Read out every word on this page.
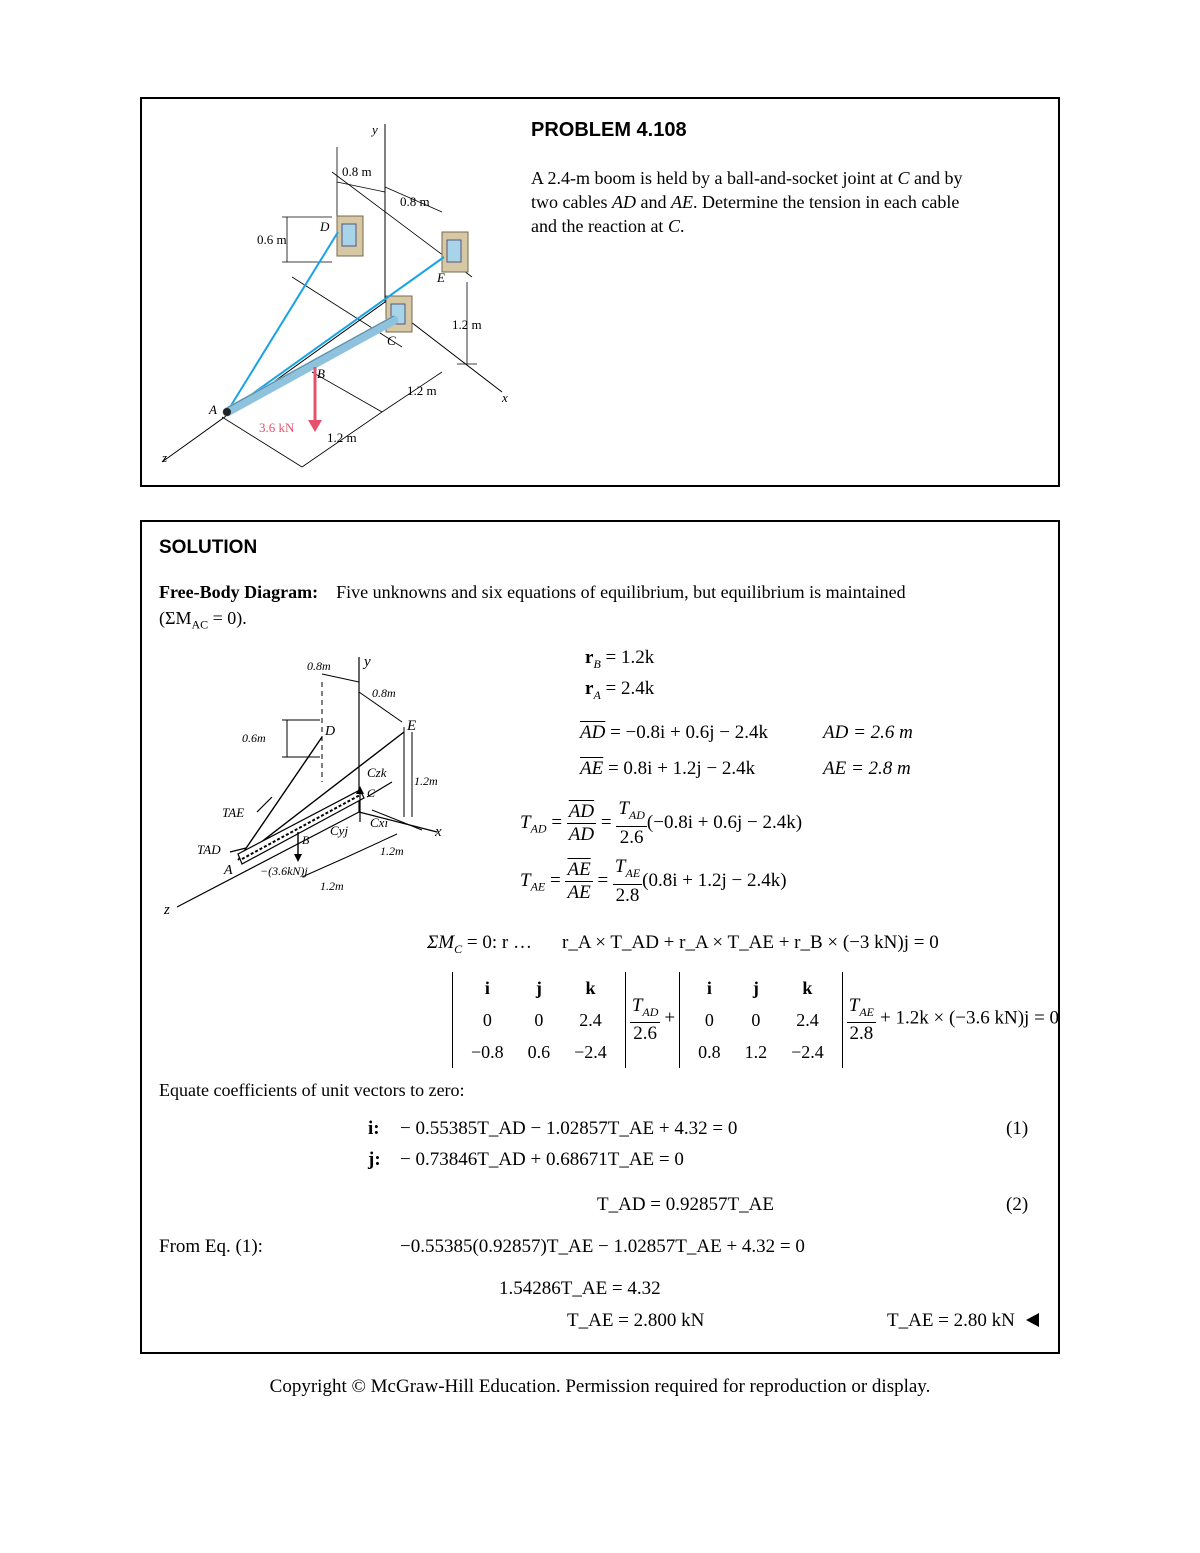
y
z
x
0.8 m
0.8 m
0.6 m
1.2 m
1.2 m
1.2 m
3.6 kN
A
B
C
D
E
PROBLEM 4.108
A 2.4-m boom is held by a ball-and-socket joint at C and by
two cables AD and AE. Determine the tension in each cable
and the reaction at C.
SOLUTION
Free-Body Diagram: Five unknowns and six equations of equilibrium, but equilibrium is maintained
$(\Sigma M_{AC} = 0)$.
y
z
x
0.8m
0.8m
0.6m
1.2m
1.2m
1.2m
D	E
A
B
C
TAE
TAD
Czk
Cyj
Cxi
−(3.6kN)j
$r_B = 1.2k$
$r_A = 2.4k$
$\overline{AD} = -0.8i + 0.6j - 2.4k$	AD = 2.6 m
$\overline{AE} = 0.8i + 1.2j - 2.4k$	AE = 2.8 m
$T_{AD} = \frac{\overline{AD}}{AD} = \frac{T_{AD}}{2.6} (-0.8i + 0.6j - 2.4k)$
$T_{AE} = \frac{\overline{AE}}{AE} = \frac{T_{AE}}{2.8} (0.8i + 1.2j - 2.4k)$
$\Sigma M_C = 0$: r … r_A × T_AD + r_A × T_AE + r_B × (−3 kN)j = 0
i	j	k
0	0	2.4
−0.8	0.6	−2.4

$\frac{T_{AD}}{2.6}$ +
i	j	k
0	0	2.4
0.8	1.2	−2.4

$\frac{T_{AE}}{2.8} + 1.2k \times (-3.6$ kN)j = 0
Equate coefficients of unit vectors to zero:
i: − 0.55385T_AD − 1.02857T_AE + 4.32 = 0	(1)
j: − 0.73846T_AD + 0.68671T_AE = 0
T_AD = 0.92857T_AE	(2)
From Eq. (1):	−0.55385(0.92857)T_AE − 1.02857T_AE + 4.32 = 0
1.54286T_AE = 4.32
T_AE = 2.800 kN	T_AE = 2.80 kN
Copyright © McGraw-Hill Education. Permission required for reproduction or display.
